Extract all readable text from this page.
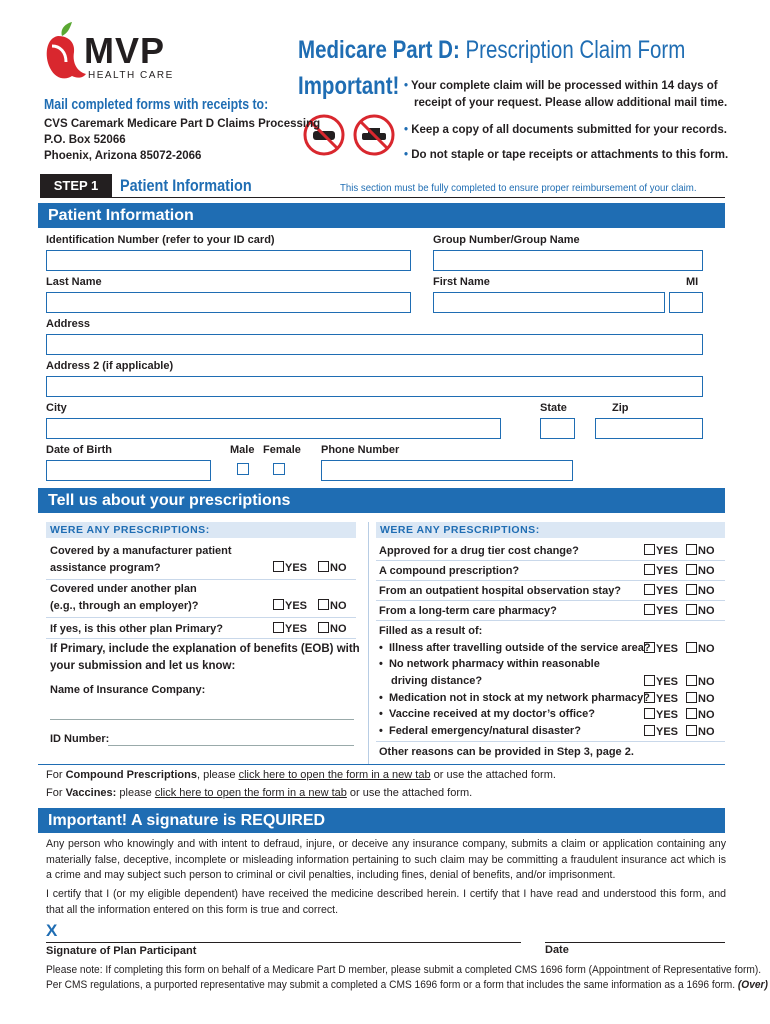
MVP
HEALTH CARE
Medicare Part D: Prescription Claim Form
Important! • Your complete claim will be processed within 14 days of
receipt of your request. Please allow additional mail time.
• Keep a copy of all documents submitted for your records.
• Do not staple or tape receipts or attachments to this form.
Mail completed forms with receipts to:
CVS Caremark Medicare Part D Claims Processing
P.O. Box 52066
Phoenix, Arizona 85072-2066
STEP 1	Patient Information	This section must be fully completed to ensure proper reimbursement of your claim.
Patient Information
Identification Number (refer to your ID card)	Group Number/Group Name
Last Name	First Name	MI
Address
Address 2 (if applicable)
City	State	Zip
Date of Birth	Male Female Phone Number
Tell us about your prescriptions
WERE ANY PRESCRIPTIONS:	WERE ANY PRESCRIPTIONS:
Covered by a manufacturer patient
assistance program?	YES	NO
Covered under another plan
(e.g., through an employer)?	YES	NO
If yes, is this other plan Primary?	YES	NO
If Primary, include the explanation of benefits (EOB) with
your submission and let us know:
Name of Insurance Company:
ID Number:
Approved for a drug tier cost change?	YES	NO
A compound prescription?	YES	NO
From an outpatient hospital observation stay?	YES	NO
From a long-term care pharmacy?	YES	NO
Filled as a result of:
•  Illness after travelling outside of the service area? YES	NO
•  No network pharmacy within reasonable
driving distance?	YES	NO
•  Medication not in stock at my network pharmacy? YES	NO
•  Vaccine received at my doctor’s office?	YES	NO
•  Federal emergency/natural disaster?	YES	NO
Other reasons can be provided in Step 3, page 2.
For Compound Prescriptions, please click here to open the form in a new tab or use the attached form.
For Vaccines: please click here to open the form in a new tab or use the attached form.
Important! A signature is REQUIRED
Any person who knowingly and with intent to defraud, injure, or deceive any insurance company, submits a claim or application containing any materially false, deceptive, incomplete or misleading information pertaining to such claim may be committing a fraudulent insurance act which is a crime and may subject such person to criminal or civil penalties, including fines, denial of benefits, and/or imprisonment.
I certify that I (or my eligible dependent) have received the medicine described herein. I certify that I have read and understood this form, and that all the information entered on this form is true and correct.
X
Signature of Plan Participant	Date
Please note: If completing this form on behalf of a Medicare Part D member, please submit a completed CMS 1696 form (Appointment of Representative form).
Per CMS regulations, a purported representative may submit a completed a CMS 1696 form or a form that includes the same information as a 1696 form. (Over)
